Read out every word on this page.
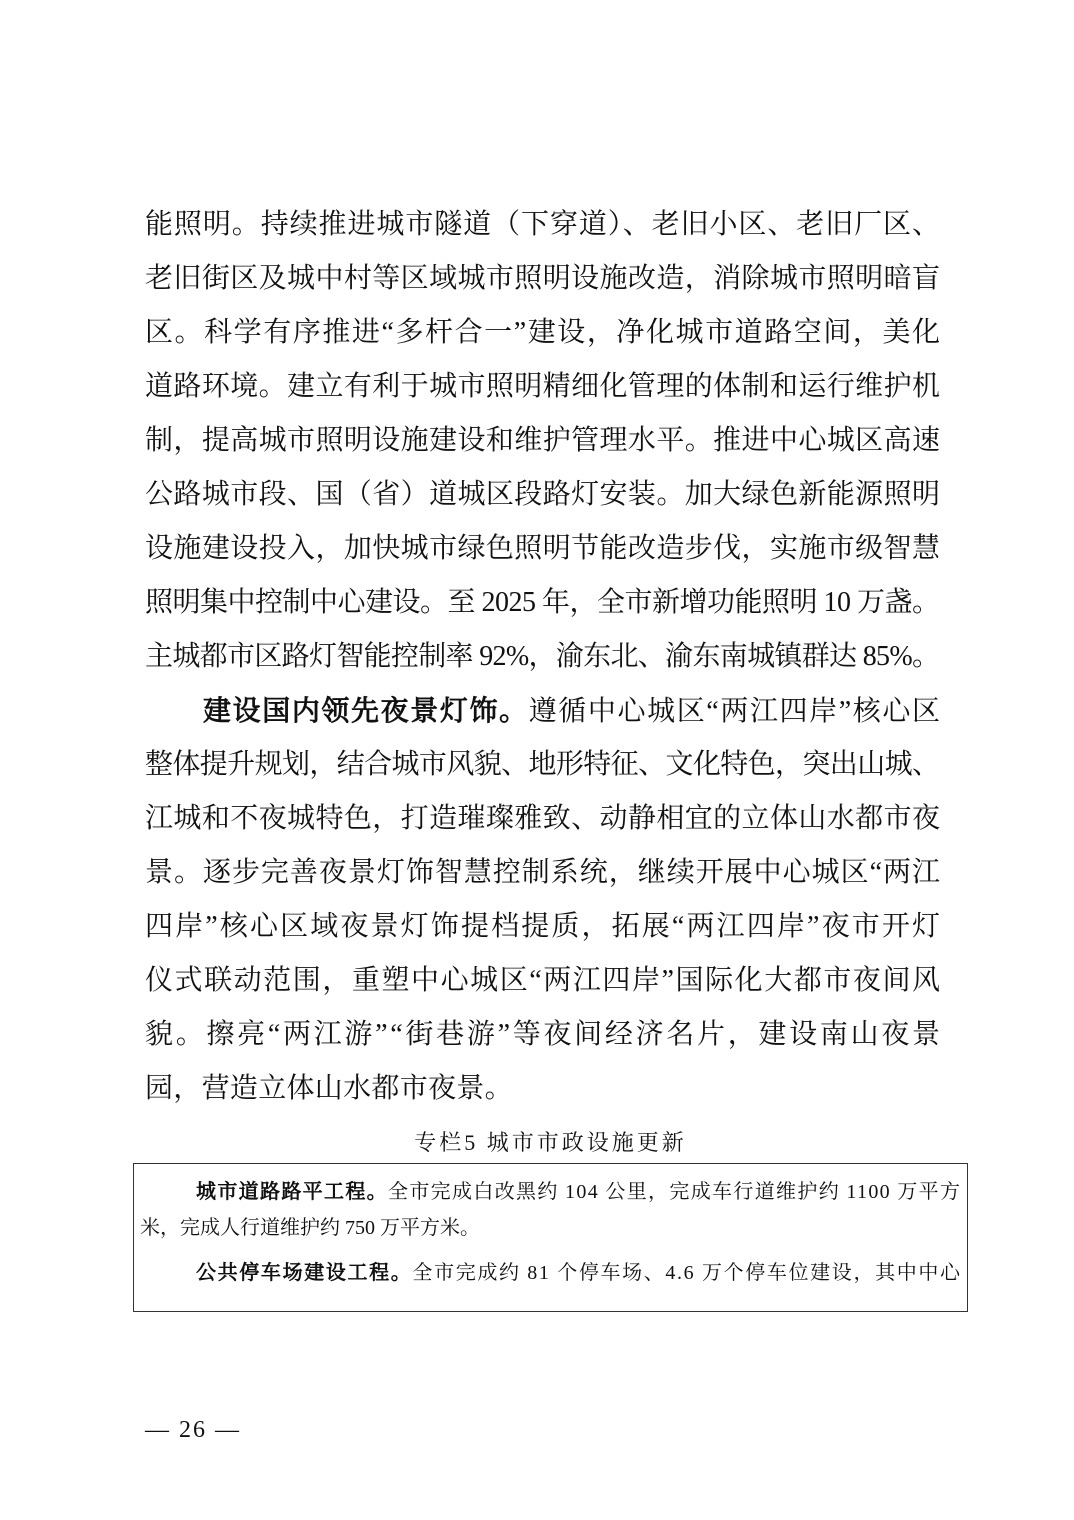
能照明。持续推进城市隧道（下穿道）、老旧小区、老旧厂区、
老旧街区及城中村等区域城市照明设施改造，消除城市照明暗盲
区。科学有序推进“多杆合一”建设，净化城市道路空间，美化
道路环境。建立有利于城市照明精细化管理的体制和运行维护机
制，提高城市照明设施建设和维护管理水平。推进中心城区高速
公路城市段、国（省）道城区段路灯安装。加大绿色新能源照明
设施建设投入，加快城市绿色照明节能改造步伐，实施市级智慧
照明集中控制中心建设。至 2025 年，全市新增功能照明 10 万盏。
主城都市区路灯智能控制率 92%，渝东北、渝东南城镇群达 85%。
建设国内领先夜景灯饰。遵循中心城区“两江四岸”核心区
整体提升规划，结合城市风貌、地形特征、文化特色，突出山城、
江城和不夜城特色，打造璀璨雅致、动静相宜的立体山水都市夜
景。逐步完善夜景灯饰智慧控制系统，继续开展中心城区“两江
四岸”核心区域夜景灯饰提档提质，拓展“两江四岸”夜市开灯
仪式联动范围，重塑中心城区“两江四岸”国际化大都市夜间风
貌。擦亮“两江游”“街巷游”等夜间经济名片，建设南山夜景
园，营造立体山水都市夜景。
专栏5 城市市政设施更新
城市道路路平工程。全市完成白改黑约 104 公里，完成车行道维护约 1100 万平方
米，完成人行道维护约 750 万平方米。
公共停车场建设工程。全市完成约 81 个停车场、4.6 万个停车位建设，其中中心
— 26 —
